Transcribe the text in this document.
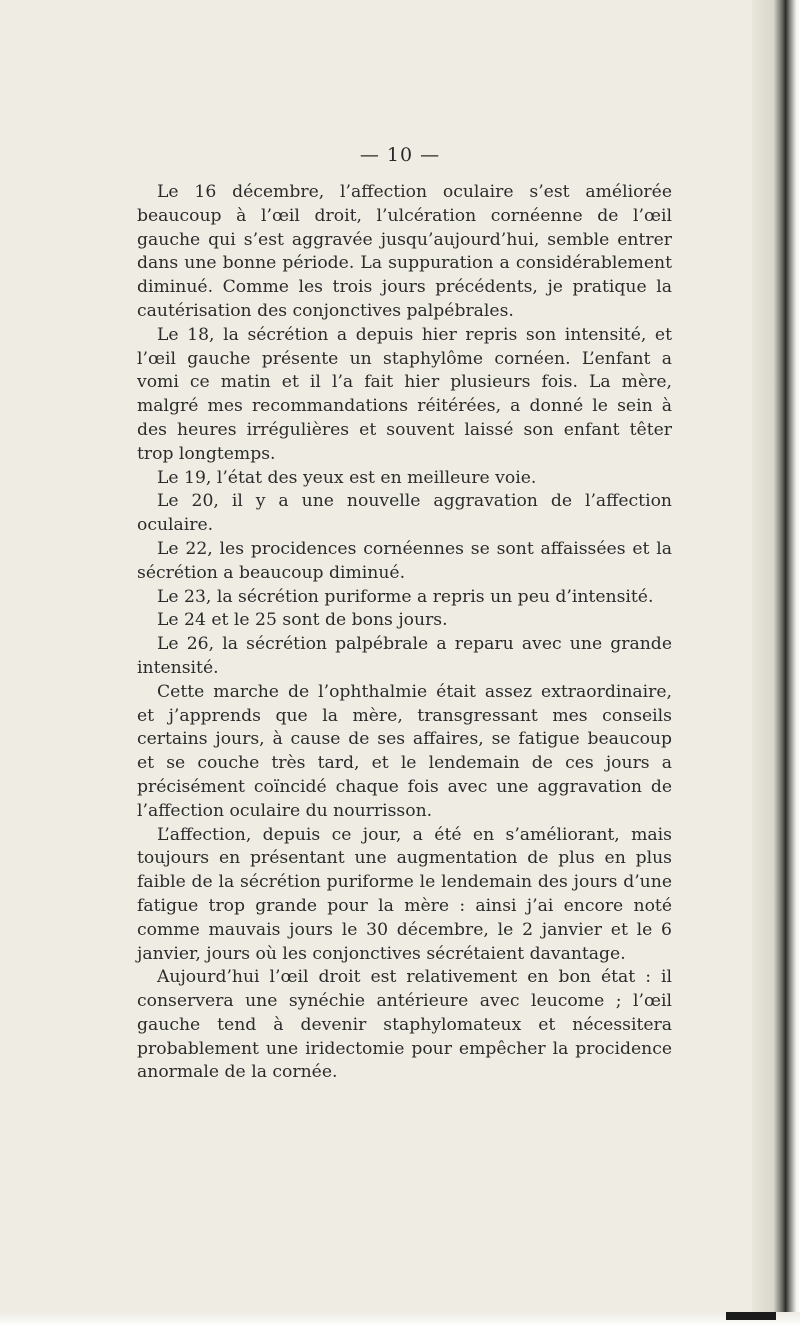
— 10 —

Le 16 décembre, l’affection oculaire s’est améliorée beaucoup à l’œil droit, l’ulcération cornéenne de l’œil gauche qui s’est aggravée jusqu’aujourd’hui, semble entrer dans une bonne période. La suppuration a considérablement diminué. Comme les trois jours précédents, je pratique la cautérisation des conjonctives palpébrales.

Le 18, la sécrétion a depuis hier repris son intensité, et l’œil gauche présente un staphylôme cornéen. L’enfant a vomi ce matin et il l’a fait hier plusieurs fois. La mère, malgré mes recommandations réitérées, a donné le sein à des heures irrégulières et souvent laissé son enfant têter trop longtemps.

Le 19, l’état des yeux est en meilleure voie.

Le 20, il y a une nouvelle aggravation de l’affection oculaire.

Le 22, les procidences cornéennes se sont affaissées et la sécrétion a beaucoup diminué.

Le 23, la sécrétion puriforme a repris un peu d’intensité.

Le 24 et le 25 sont de bons jours.

Le 26, la sécrétion palpébrale a reparu avec une grande intensité.

Cette marche de l’ophthalmie était assez extraordinaire, et j’apprends que la mère, transgressant mes conseils certains jours, à cause de ses affaires, se fatigue beaucoup et se couche très tard, et le lendemain de ces jours a précisément coïncidé chaque fois avec une aggravation de l’affection oculaire du nourrisson.

L’affection, depuis ce jour, a été en s’améliorant, mais toujours en présentant une augmentation de plus en plus faible de la sécrétion puriforme le lendemain des jours d’une fatigue trop grande pour la mère : ainsi j’ai encore noté comme mauvais jours le 30 décembre, le 2 janvier et le 6 janvier, jours où les conjonctives sécrétaient davantage.

Aujourd’hui l’œil droit est relativement en bon état : il conservera une synéchie antérieure avec leucome ; l’œil gauche tend à devenir staphylomateux et nécessitera probablement une iridectomie pour empêcher la procidence anormale de la cornée.
